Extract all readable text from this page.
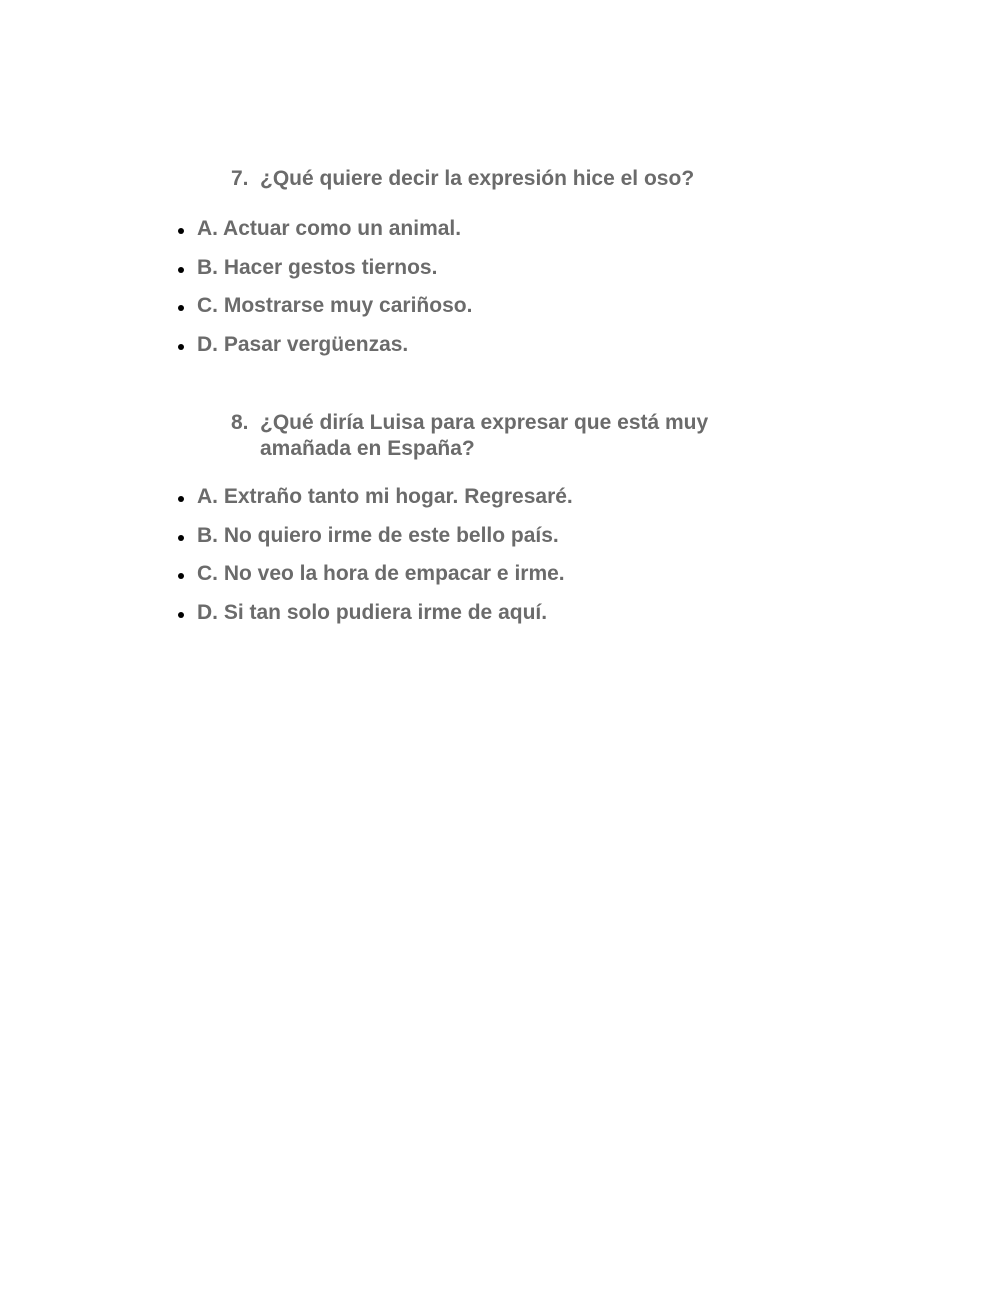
7. ¿Qué quiere decir la expresión hice el oso?
A. Actuar como un animal.
B. Hacer gestos tiernos.
C. Mostrarse muy cariñoso.
D. Pasar vergüenzas.
8. ¿Qué diría Luisa para expresar que está muy amañada en España?
A. Extraño tanto mi hogar. Regresaré.
B. No quiero irme de este bello país.
C. No veo la hora de empacar e irme.
D. Si tan solo pudiera irme de aquí.
